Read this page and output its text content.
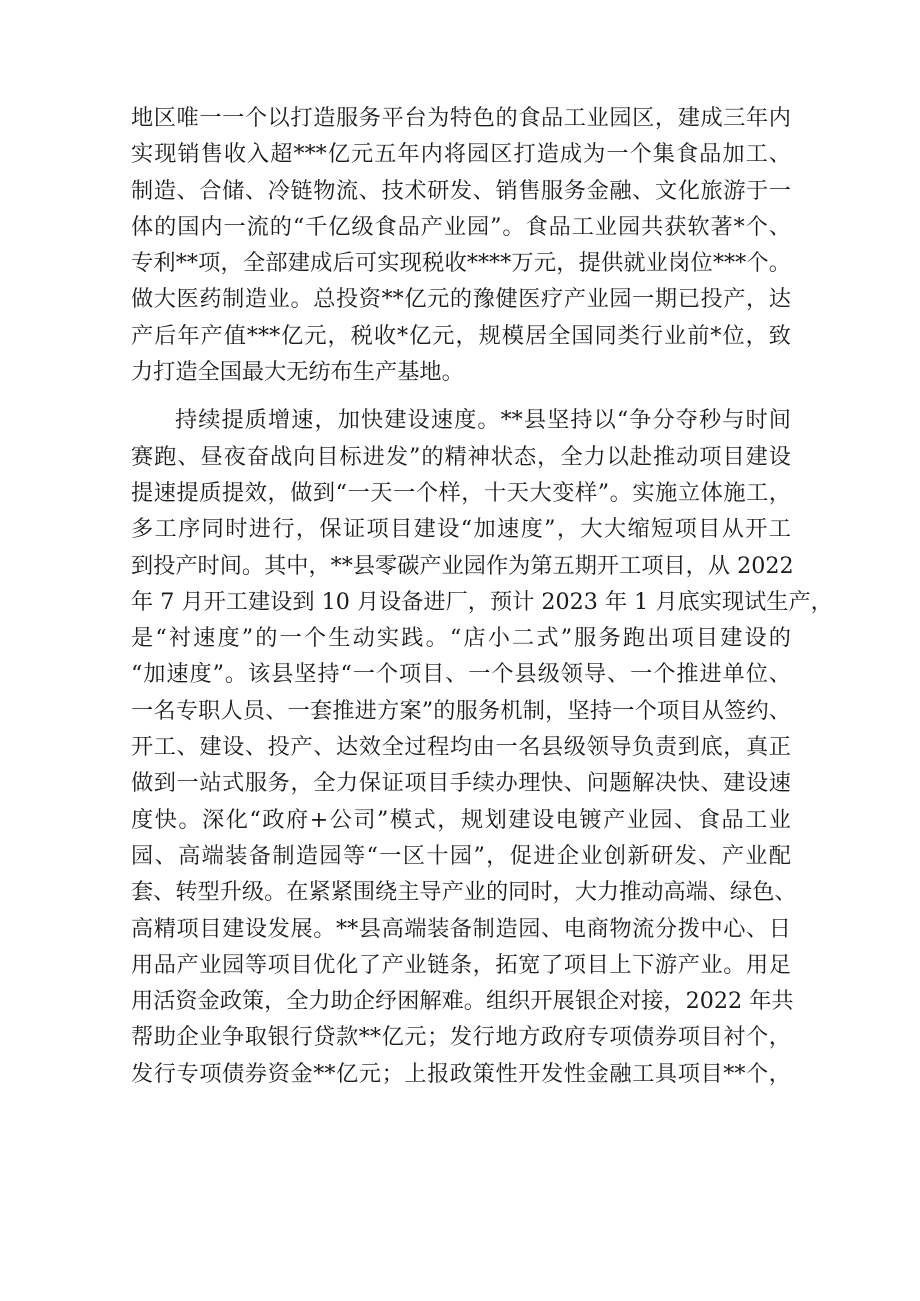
地区唯一一个以打造服务平台为特色的食品工业园区，建成三年内
实现销售收入超***亿元五年内将园区打造成为一个集食品加工、
制造、合储、冷链物流、技术研发、销售服务金融、文化旅游于一
体的国内一流的“千亿级食品产业园”。食品工业园共获软著*个、
专利**项，全部建成后可实现税收****万元，提供就业岗位***个。
做大医药制造业。总投资**亿元的豫健医疗产业园一期已投产，达
产后年产值***亿元，税收*亿元，规模居全国同类行业前*位，致
力打造全国最大无纺布生产基地。
持续提质增速，加快建设速度。**县坚持以“争分夺秒与时间
赛跑、昼夜奋战向目标进发”的精神状态，全力以赴推动项目建设
提速提质提效，做到“一天一个样，十天大变样”。实施立体施工，
多工序同时进行，保证项目建设“加速度”，大大缩短项目从开工
到投产时间。其中，**县零碳产业园作为第五期开工项目，从 2022
年 7 月开工建设到 10 月设备进厂，预计 2023 年 1 月底实现试生产，
是“衬速度”的一个生动实践。“店小二式”服务跑出项目建设的
“加速度”。该县坚持“一个项目、一个县级领导、一个推进单位、
一名专职人员、一套推进方案”的服务机制，坚持一个项目从签约、
开工、建设、投产、达效全过程均由一名县级领导负责到底，真正
做到一站式服务，全力保证项目手续办理快、问题解决快、建设速
度快。深化“政府+公司”模式，规划建设电镀产业园、食品工业
园、高端装备制造园等“一区十园”，促进企业创新研发、产业配
套、转型升级。在紧紧围绕主导产业的同时，大力推动高端、绿色、
高精项目建设发展。**县高端装备制造园、电商物流分拨中心、日
用品产业园等项目优化了产业链条，拓宽了项目上下游产业。用足
用活资金政策，全力助企纾困解难。组织开展银企对接，2022 年共
帮助企业争取银行贷款**亿元；发行地方政府专项债券项目衬个，
发行专项债券资金**亿元；上报政策性开发性金融工具项目**个，
